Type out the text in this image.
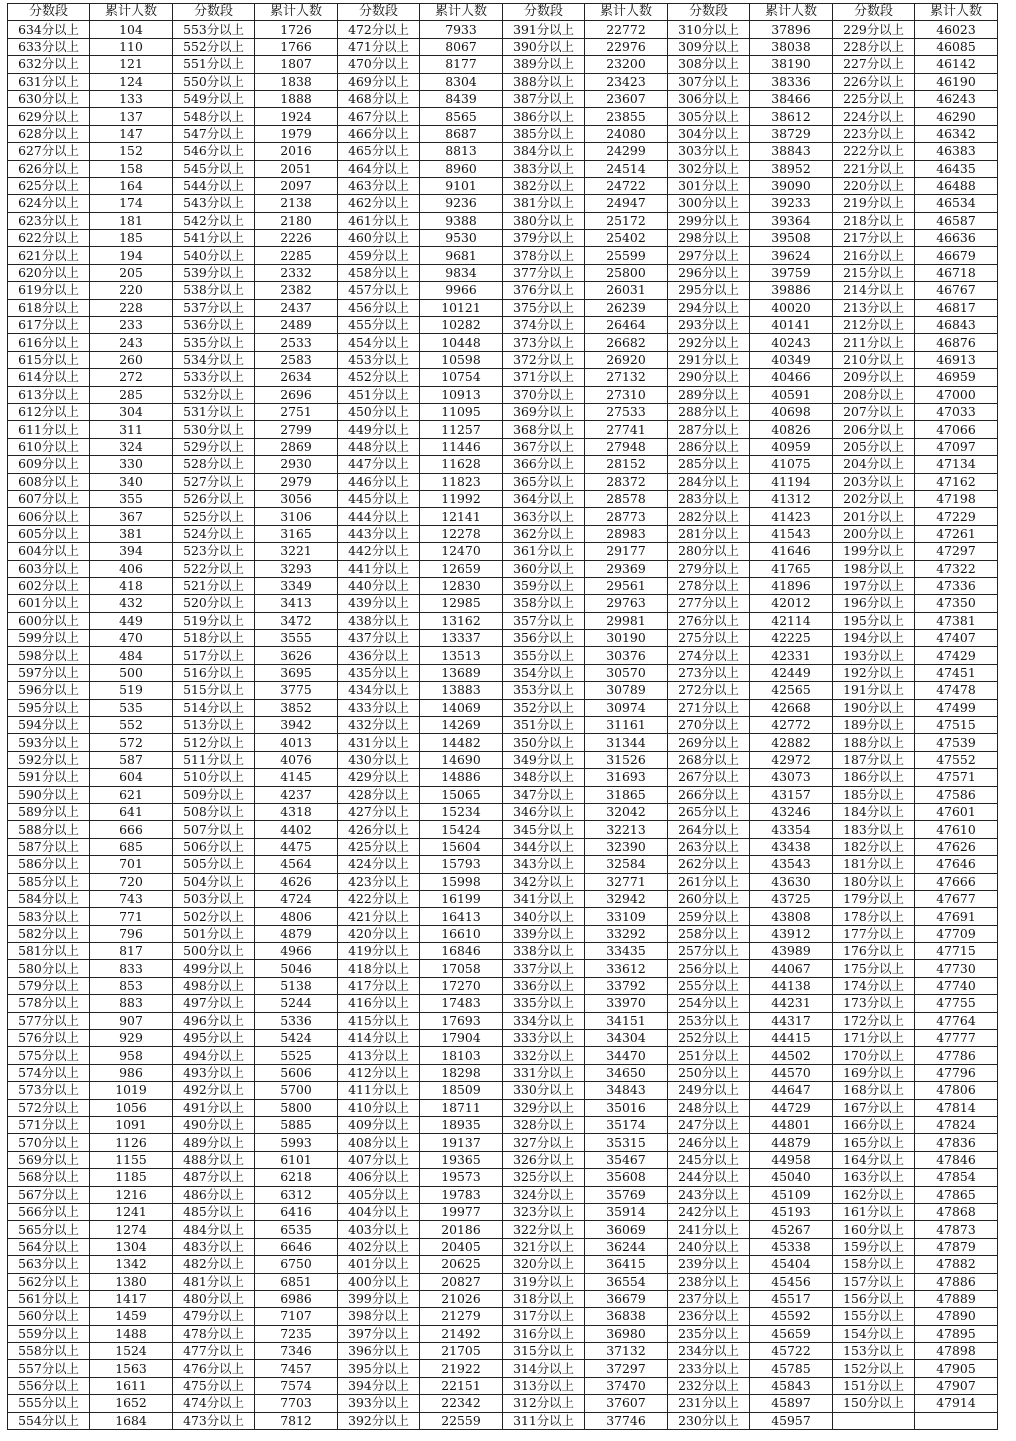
分数段	累计人数	分数段	累计人数	分数段	累计人数	分数段	累计人数	分数段	累计人数	分数段	累计人数
634分以上	104	553分以上	1726	472分以上	7933	391分以上	22772	310分以上	37896	229分以上	46023
633分以上	110	552分以上	1766	471分以上	8067	390分以上	22976	309分以上	38038	228分以上	46085
632分以上	121	551分以上	1807	470分以上	8177	389分以上	23200	308分以上	38190	227分以上	46142
631分以上	124	550分以上	1838	469分以上	8304	388分以上	23423	307分以上	38336	226分以上	46190
630分以上	133	549分以上	1888	468分以上	8439	387分以上	23607	306分以上	38466	225分以上	46243
629分以上	137	548分以上	1924	467分以上	8565	386分以上	23855	305分以上	38612	224分以上	46290
628分以上	147	547分以上	1979	466分以上	8687	385分以上	24080	304分以上	38729	223分以上	46342
627分以上	152	546分以上	2016	465分以上	8813	384分以上	24299	303分以上	38843	222分以上	46383
626分以上	158	545分以上	2051	464分以上	8960	383分以上	24514	302分以上	38952	221分以上	46435
625分以上	164	544分以上	2097	463分以上	9101	382分以上	24722	301分以上	39090	220分以上	46488
624分以上	174	543分以上	2138	462分以上	9236	381分以上	24947	300分以上	39233	219分以上	46534
623分以上	181	542分以上	2180	461分以上	9388	380分以上	25172	299分以上	39364	218分以上	46587
622分以上	185	541分以上	2226	460分以上	9530	379分以上	25402	298分以上	39508	217分以上	46636
621分以上	194	540分以上	2285	459分以上	9681	378分以上	25599	297分以上	39624	216分以上	46679
620分以上	205	539分以上	2332	458分以上	9834	377分以上	25800	296分以上	39759	215分以上	46718
619分以上	220	538分以上	2382	457分以上	9966	376分以上	26031	295分以上	39886	214分以上	46767
618分以上	228	537分以上	2437	456分以上	10121	375分以上	26239	294分以上	40020	213分以上	46817
617分以上	233	536分以上	2489	455分以上	10282	374分以上	26464	293分以上	40141	212分以上	46843
616分以上	243	535分以上	2533	454分以上	10448	373分以上	26682	292分以上	40243	211分以上	46876
615分以上	260	534分以上	2583	453分以上	10598	372分以上	26920	291分以上	40349	210分以上	46913
614分以上	272	533分以上	2634	452分以上	10754	371分以上	27132	290分以上	40466	209分以上	46959
613分以上	285	532分以上	2696	451分以上	10913	370分以上	27310	289分以上	40591	208分以上	47000
612分以上	304	531分以上	2751	450分以上	11095	369分以上	27533	288分以上	40698	207分以上	47033
611分以上	311	530分以上	2799	449分以上	11257	368分以上	27741	287分以上	40826	206分以上	47066
610分以上	324	529分以上	2869	448分以上	11446	367分以上	27948	286分以上	40959	205分以上	47097
609分以上	330	528分以上	2930	447分以上	11628	366分以上	28152	285分以上	41075	204分以上	47134
608分以上	340	527分以上	2979	446分以上	11823	365分以上	28372	284分以上	41194	203分以上	47162
607分以上	355	526分以上	3056	445分以上	11992	364分以上	28578	283分以上	41312	202分以上	47198
606分以上	367	525分以上	3106	444分以上	12141	363分以上	28773	282分以上	41423	201分以上	47229
605分以上	381	524分以上	3165	443分以上	12278	362分以上	28983	281分以上	41543	200分以上	47261
604分以上	394	523分以上	3221	442分以上	12470	361分以上	29177	280分以上	41646	199分以上	47297
603分以上	406	522分以上	3293	441分以上	12659	360分以上	29369	279分以上	41765	198分以上	47322
602分以上	418	521分以上	3349	440分以上	12830	359分以上	29561	278分以上	41896	197分以上	47336
601分以上	432	520分以上	3413	439分以上	12985	358分以上	29763	277分以上	42012	196分以上	47350
600分以上	449	519分以上	3472	438分以上	13162	357分以上	29981	276分以上	42114	195分以上	47381
599分以上	470	518分以上	3555	437分以上	13337	356分以上	30190	275分以上	42225	194分以上	47407
598分以上	484	517分以上	3626	436分以上	13513	355分以上	30376	274分以上	42331	193分以上	47429
597分以上	500	516分以上	3695	435分以上	13689	354分以上	30570	273分以上	42449	192分以上	47451
596分以上	519	515分以上	3775	434分以上	13883	353分以上	30789	272分以上	42565	191分以上	47478
595分以上	535	514分以上	3852	433分以上	14069	352分以上	30974	271分以上	42668	190分以上	47499
594分以上	552	513分以上	3942	432分以上	14269	351分以上	31161	270分以上	42772	189分以上	47515
593分以上	572	512分以上	4013	431分以上	14482	350分以上	31344	269分以上	42882	188分以上	47539
592分以上	587	511分以上	4076	430分以上	14690	349分以上	31526	268分以上	42972	187分以上	47552
591分以上	604	510分以上	4145	429分以上	14886	348分以上	31693	267分以上	43073	186分以上	47571
590分以上	621	509分以上	4237	428分以上	15065	347分以上	31865	266分以上	43157	185分以上	47586
589分以上	641	508分以上	4318	427分以上	15234	346分以上	32042	265分以上	43246	184分以上	47601
588分以上	666	507分以上	4402	426分以上	15424	345分以上	32213	264分以上	43354	183分以上	47610
587分以上	685	506分以上	4475	425分以上	15604	344分以上	32390	263分以上	43438	182分以上	47626
586分以上	701	505分以上	4564	424分以上	15793	343分以上	32584	262分以上	43543	181分以上	47646
585分以上	720	504分以上	4626	423分以上	15998	342分以上	32771	261分以上	43630	180分以上	47666
584分以上	743	503分以上	4724	422分以上	16199	341分以上	32942	260分以上	43725	179分以上	47677
583分以上	771	502分以上	4806	421分以上	16413	340分以上	33109	259分以上	43808	178分以上	47691
582分以上	796	501分以上	4879	420分以上	16610	339分以上	33292	258分以上	43912	177分以上	47709
581分以上	817	500分以上	4966	419分以上	16846	338分以上	33435	257分以上	43989	176分以上	47715
580分以上	833	499分以上	5046	418分以上	17058	337分以上	33612	256分以上	44067	175分以上	47730
579分以上	853	498分以上	5138	417分以上	17270	336分以上	33792	255分以上	44138	174分以上	47740
578分以上	883	497分以上	5244	416分以上	17483	335分以上	33970	254分以上	44231	173分以上	47755
577分以上	907	496分以上	5336	415分以上	17693	334分以上	34151	253分以上	44317	172分以上	47764
576分以上	929	495分以上	5424	414分以上	17904	333分以上	34304	252分以上	44415	171分以上	47777
575分以上	958	494分以上	5525	413分以上	18103	332分以上	34470	251分以上	44502	170分以上	47786
574分以上	986	493分以上	5606	412分以上	18298	331分以上	34650	250分以上	44570	169分以上	47796
573分以上	1019	492分以上	5700	411分以上	18509	330分以上	34843	249分以上	44647	168分以上	47806
572分以上	1056	491分以上	5800	410分以上	18711	329分以上	35016	248分以上	44729	167分以上	47814
571分以上	1091	490分以上	5885	409分以上	18935	328分以上	35174	247分以上	44801	166分以上	47824
570分以上	1126	489分以上	5993	408分以上	19137	327分以上	35315	246分以上	44879	165分以上	47836
569分以上	1155	488分以上	6101	407分以上	19365	326分以上	35467	245分以上	44958	164分以上	47846
568分以上	1185	487分以上	6218	406分以上	19573	325分以上	35608	244分以上	45040	163分以上	47854
567分以上	1216	486分以上	6312	405分以上	19783	324分以上	35769	243分以上	45109	162分以上	47865
566分以上	1241	485分以上	6416	404分以上	19977	323分以上	35914	242分以上	45193	161分以上	47868
565分以上	1274	484分以上	6535	403分以上	20186	322分以上	36069	241分以上	45267	160分以上	47873
564分以上	1304	483分以上	6646	402分以上	20405	321分以上	36244	240分以上	45338	159分以上	47879
563分以上	1342	482分以上	6750	401分以上	20625	320分以上	36415	239分以上	45404	158分以上	47882
562分以上	1380	481分以上	6851	400分以上	20827	319分以上	36554	238分以上	45456	157分以上	47886
561分以上	1417	480分以上	6986	399分以上	21026	318分以上	36679	237分以上	45517	156分以上	47889
560分以上	1459	479分以上	7107	398分以上	21279	317分以上	36838	236分以上	45592	155分以上	47890
559分以上	1488	478分以上	7235	397分以上	21492	316分以上	36980	235分以上	45659	154分以上	47895
558分以上	1524	477分以上	7346	396分以上	21705	315分以上	37132	234分以上	45722	153分以上	47898
557分以上	1563	476分以上	7457	395分以上	21922	314分以上	37297	233分以上	45785	152分以上	47905
556分以上	1611	475分以上	7574	394分以上	22151	313分以上	37470	232分以上	45843	151分以上	47907
555分以上	1652	474分以上	7703	393分以上	22342	312分以上	37607	231分以上	45897	150分以上	47914
554分以上	1684	473分以上	7812	392分以上	22559	311分以上	37746	230分以上	45957		
